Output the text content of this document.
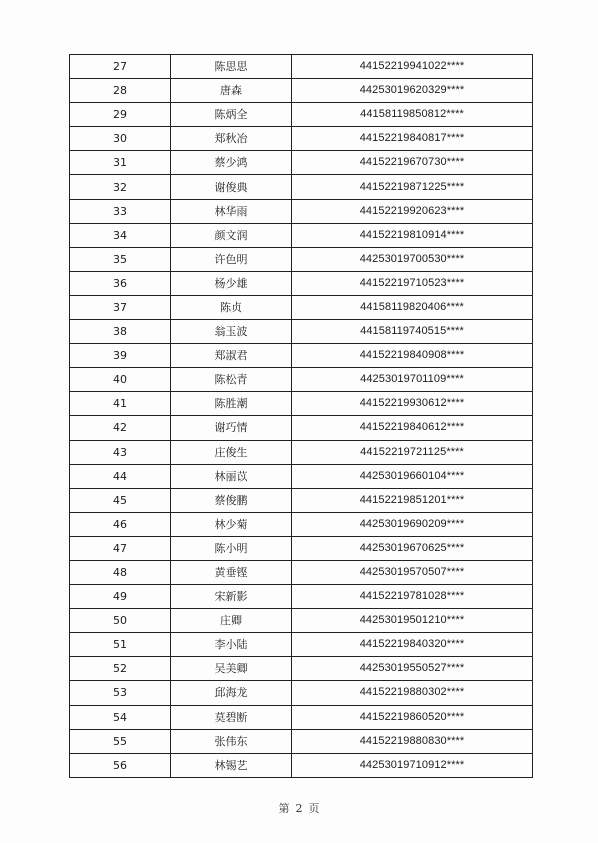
27	陈思思	44152219941022****
28	唐森	44253019620329****
29	陈炳全	44158119850812****
30	郑秋冶	44152219840817****
31	蔡少鸿	44152219670730****
32	谢俊典	44152219871225****
33	林华雨	44152219920623****
34	颜文润	44152219810914****
35	许色明	44253019700530****
36	杨少雄	44152219710523****
37	陈贞	44158119820406****
38	翁玉波	44158119740515****
39	郑淑君	44152219840908****
40	陈松青	44253019701109****
41	陈胜潮	44152219930612****
42	谢巧情	44152219840612****
43	庄俊生	44152219721125****
44	林丽苡	44253019660104****
45	蔡俊鹏	44152219851201****
46	林少菊	44253019690209****
47	陈小明	44253019670625****
48	黄垂铿	44253019570507****
49	宋新影	44152219781028****
50	庄卿	44253019501210****
51	李小陆	44152219840320****
52	吴美卿	44253019550527****
53	邱海龙	44152219880302****
54	莫碧断	44152219860520****
55	张伟东	44152219880830****
56	林锡艺	44253019710912****
第 2 页
